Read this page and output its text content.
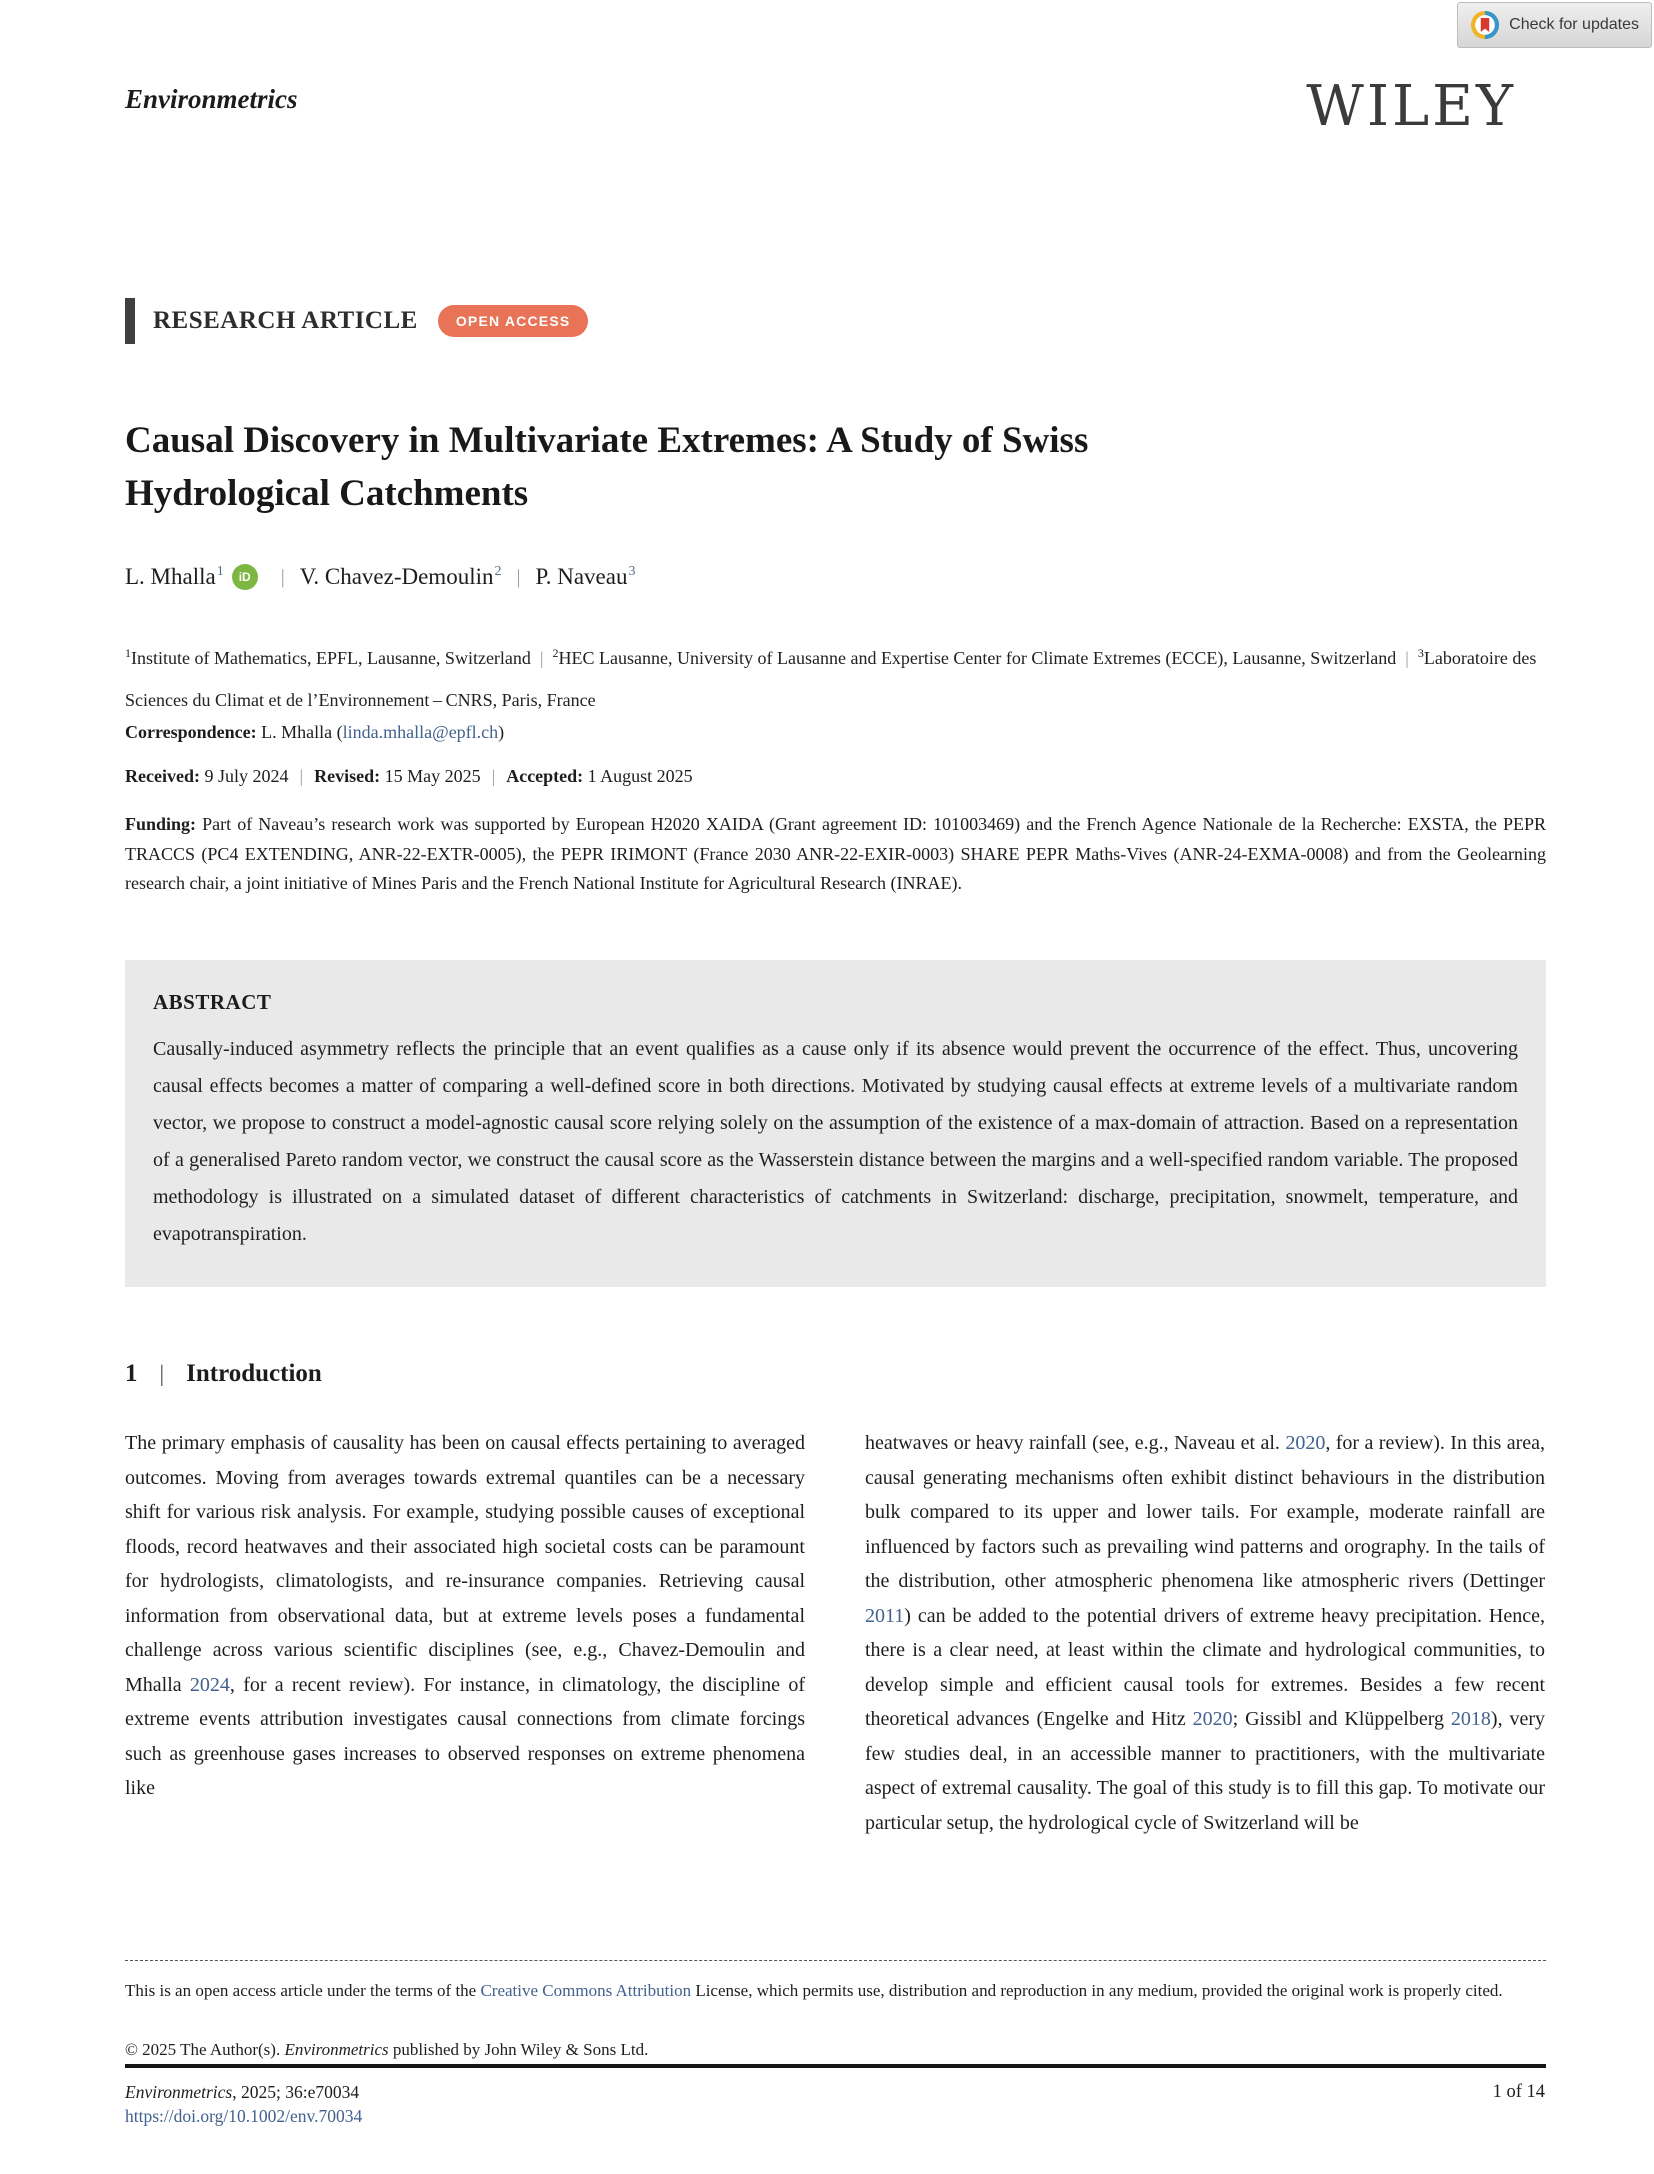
Check for updates
Environmetrics	WILEY
RESEARCH ARTICLE	OPEN ACCESS
Causal Discovery in Multivariate Extremes: A Study of Swiss Hydrological Catchments
L. Mhalla$^1$	iD	| V. Chavez-Demoulin$^2$ | P. Naveau$^3$
$^1$Institute of Mathematics, EPFL, Lausanne, Switzerland | $^2$HEC Lausanne, University of Lausanne and Expertise Center for Climate Extremes (ECCE), Lausanne, Switzerland | $^3$Laboratoire des Sciences du Climat et de l’Environnement – CNRS, Paris, France
Correspondence: L. Mhalla (linda.mhalla@epfl.ch)
Received: 9 July 2024 | Revised: 15 May 2025 | Accepted: 1 August 2025
Funding: Part of Naveau’s research work was supported by European H2020 XAIDA (Grant agreement ID: 101003469) and the French Agence Nationale de la Recherche: EXSTA, the PEPR TRACCS (PC4 EXTENDING, ANR-22-EXTR-0005), the PEPR IRIMONT (France 2030 ANR-22-EXIR-0003) SHARE PEPR Maths-Vives (ANR-24-EXMA-0008) and from the Geolearning research chair, a joint initiative of Mines Paris and the French National Institute for Agricultural Research (INRAE).
ABSTRACT

Causally-induced asymmetry reflects the principle that an event qualifies as a cause only if its absence would prevent the occurrence of the effect. Thus, uncovering causal effects becomes a matter of comparing a well-defined score in both directions. Motivated by studying causal effects at extreme levels of a multivariate random vector, we propose to construct a model-agnostic causal score relying solely on the assumption of the existence of a max-domain of attraction. Based on a representation of a generalised Pareto random vector, we construct the causal score as the Wasserstein distance between the margins and a well-specified random variable. The proposed methodology is illustrated on a simulated dataset of different characteristics of catchments in Switzerland: discharge, precipitation, snowmelt, temperature, and evapotranspiration.

1 | Introduction
The primary emphasis of causality has been on causal effects pertaining to averaged outcomes. Moving from averages towards extremal quantiles can be a necessary shift for various risk analysis. For example, studying possible causes of exceptional floods, record heatwaves and their associated high societal costs can be paramount for hydrologists, climatologists, and re-insurance companies. Retrieving causal information from observational data, but at extreme levels poses a fundamental challenge across various scientific disciplines (see, e.g., Chavez-Demoulin and Mhalla 2024, for a recent review). For instance, in climatology, the discipline of extreme events attribution investigates causal connections from climate forcings such as greenhouse gases increases to observed responses on extreme phenomena like
heatwaves or heavy rainfall (see, e.g., Naveau et al. 2020, for a review). In this area, causal generating mechanisms often exhibit distinct behaviours in the distribution bulk compared to its upper and lower tails. For example, moderate rainfall are influenced by factors such as prevailing wind patterns and orography. In the tails of the distribution, other atmospheric phenomena like atmospheric rivers (Dettinger 2011) can be added to the potential drivers of extreme heavy precipitation. Hence, there is a clear need, at least within the climate and hydrological communities, to develop simple and efficient causal tools for extremes. Besides a few recent theoretical advances (Engelke and Hitz 2020; Gissibl and Klüppelberg 2018), very few studies deal, in an accessible manner to practitioners, with the multivariate aspect of extremal causality. The goal of this study is to fill this gap. To motivate our particular setup, the hydrological cycle of Switzerland will be
This is an open access article under the terms of the Creative Commons Attribution License, which permits use, distribution and reproduction in any medium, provided the original work is properly cited.
© 2025 The Author(s). Environmetrics published by John Wiley & Sons Ltd.
Environmetrics, 2025; 36:e70034
https://doi.org/10.1002/env.70034
1 of 14
